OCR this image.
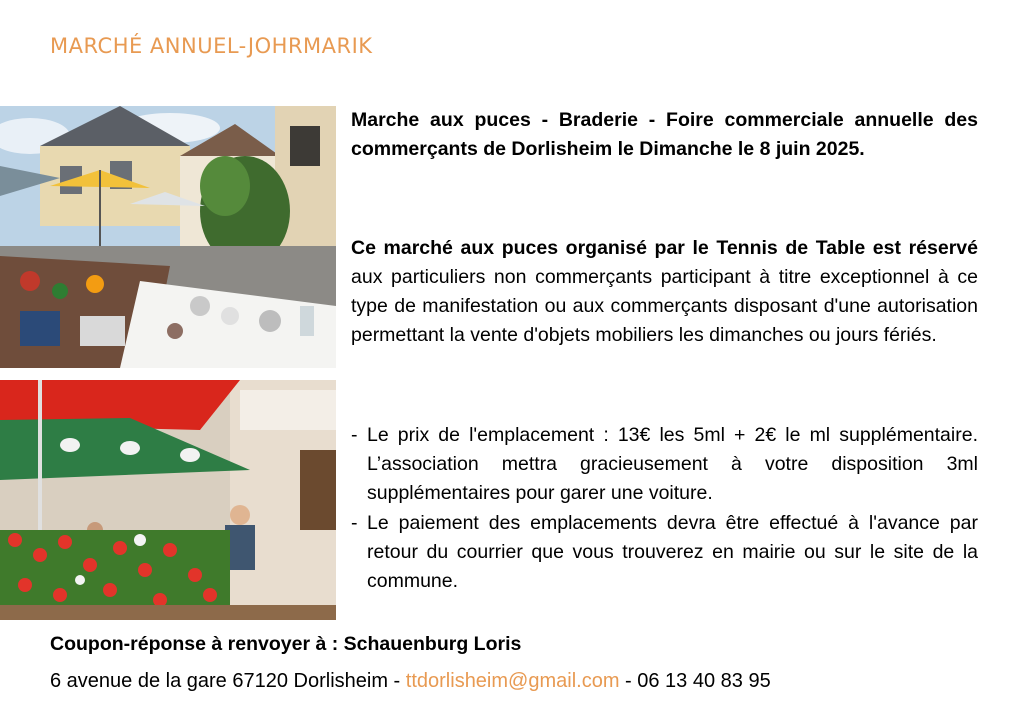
MARCHÉ ANNUEL-JOHRMARIK
Marche aux puces - Braderie - Foire commerciale annuelle des commerçants de Dorlisheim le Dimanche le 8 juin 2025.
Ce marché aux puces organisé par le Tennis de Table est réservé aux particuliers non commerçants participant à titre exceptionnel à ce type de manifestation ou aux commerçants disposant d'une autorisation permettant la vente d'objets mobiliers les dimanches ou jours fériés.
- Le prix de l'emplacement : 13€ les 5ml + 2€ le ml supplémentaire. L’association mettra gracieusement à votre disposition 3ml supplémentaires pour garer une voiture.
- Le paiement des emplacements devra être effectué à l'avance par retour du courrier que vous trouverez en mairie ou sur le site de la commune.
Coupon-réponse à renvoyer à : Schauenburg Loris
6 avenue de la gare 67120 Dorlisheim - ttdorlisheim@gmail.com - 06 13 40 83 95
